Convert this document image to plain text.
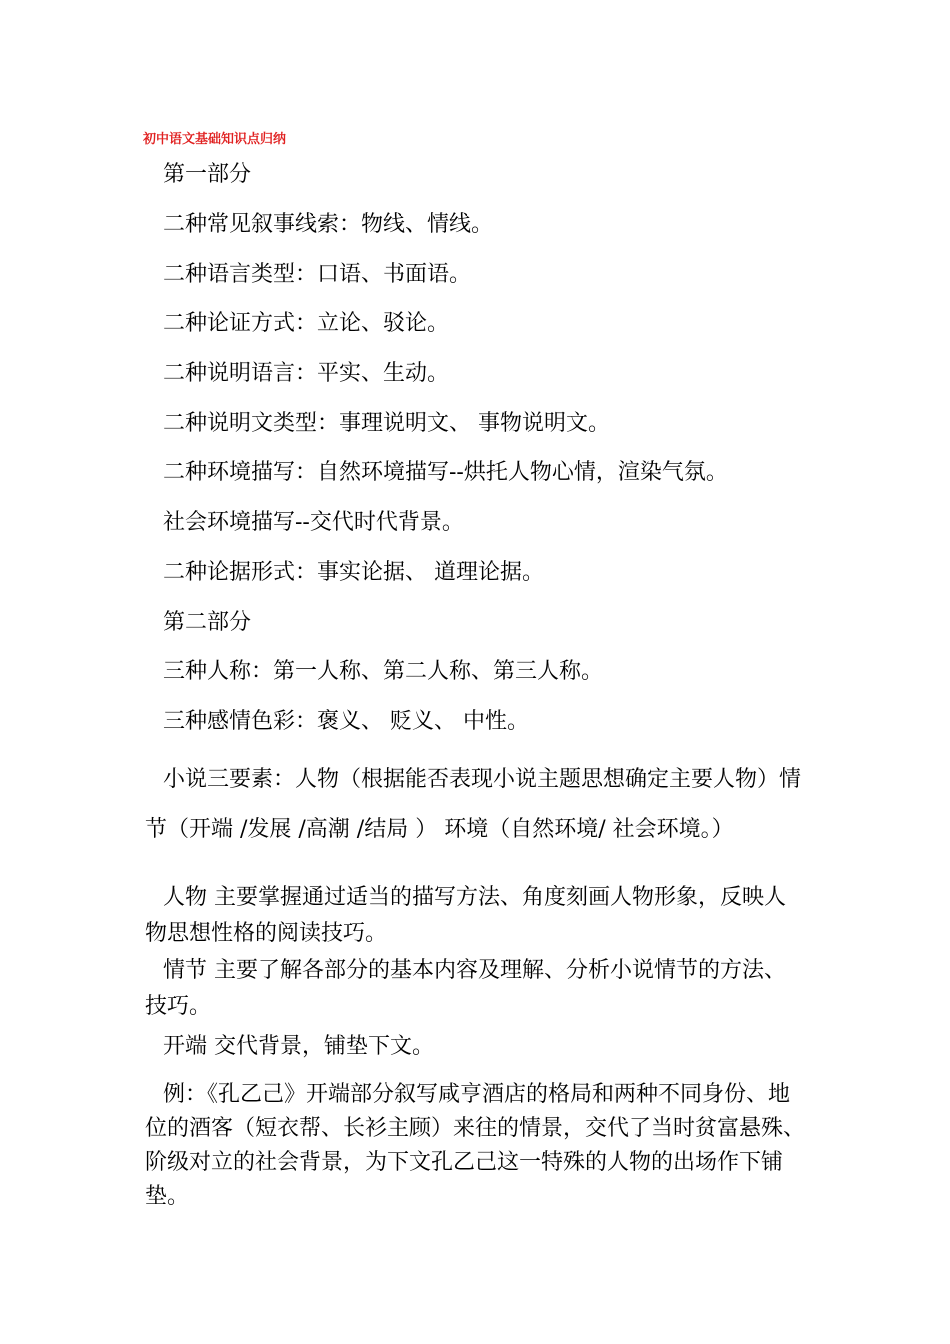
初中语文基础知识点归纳
第一部分
二种常见叙事线索：物线、情线。
二种语言类型：口语、书面语。
二种论证方式：立论、驳论。
二种说明语言：平实、生动。
二种说明文类型：事理说明文、 事物说明文。
二种环境描写：自然环境描写--烘托人物心情，渲染气氛。
社会环境描写--交代时代背景。
二种论据形式：事实论据、 道理论据。
第二部分
三种人称：第一人称、第二人称、第三人称。
三种感情色彩：褒义、 贬义、 中性。
小说三要素：人物（根据能否表现小说主题思想确定主要人物）情节（开端 /发展 /高潮 /结局 ） 环境（自然环境/ 社会环境。）
人物 主要掌握通过适当的描写方法、角度刻画人物形象，反映人物思想性格的阅读技巧。
情节 主要了解各部分的基本内容及理解、分析小说情节的方法、技巧。
开端 交代背景，铺垫下文。
例：《孔乙己》开端部分叙写咸亨酒店的格局和两种不同身份、地位的酒客（短衣帮、长衫主顾）来往的情景，交代了当时贫富悬殊、阶级对立的社会背景，为下文孔乙己这一特殊的人物的出场作下铺垫。
